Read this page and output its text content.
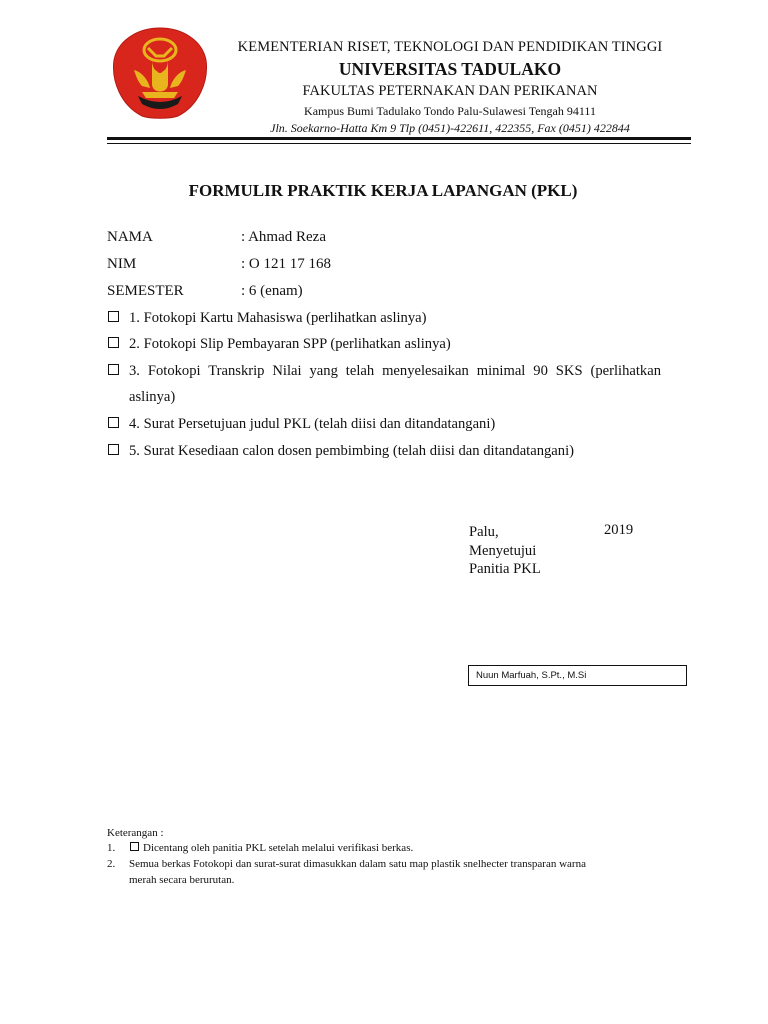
KEMENTERIAN RISET, TEKNOLOGI DAN PENDIDIKAN TINGGI
UNIVERSITAS TADULAKO
FAKULTAS PETERNAKAN DAN PERIKANAN
Kampus Bumi Tadulako Tondo Palu-Sulawesi Tengah 94111
Jln. Soekarno-Hatta Km 9 Tlp (0451)-422611, 422355, Fax (0451) 422844
FORMULIR PRAKTIK KERJA LAPANGAN (PKL)
NAMA	: Ahmad Reza
NIM	: O 121 17 168
SEMESTER	: 6 (enam)
1. Fotokopi Kartu Mahasiswa (perlihatkan aslinya)
2. Fotokopi Slip Pembayaran SPP (perlihatkan aslinya)
3. Fotokopi Transkrip Nilai yang telah menyelesaikan minimal 90 SKS (perlihatkan
aslinya)
4. Surat Persetujuan judul PKL (telah diisi dan ditandatangani)
5. Surat Kesediaan calon dosen pembimbing (telah diisi dan ditandatangani)
Palu,	2019
Menyetujui
Panitia PKL
Nuun Marfuah, S.Pt., M.Si
Keterangan :
1.	Dicentang oleh panitia PKL setelah melalui verifikasi berkas.
2. Semua berkas Fotokopi dan surat-surat dimasukkan dalam satu map plastik snelhecter transparan warna
merah secara berurutan.
